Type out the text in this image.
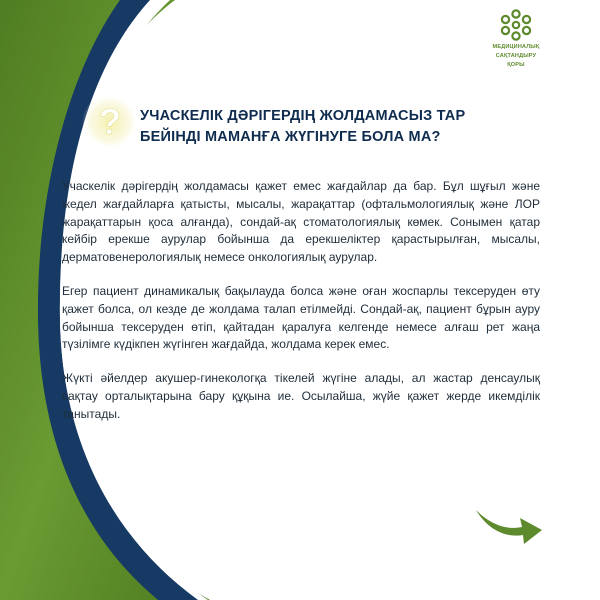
МЕДИЦИНАЛЫҚ
САҚТАНДЫРУ
ҚОРЫ
? УЧАСКЕЛІК ДӘРІГЕРДІҢ ЖОЛДАМАСЫЗ ТАР
БЕЙІНДІ МАМАНҒА ЖҮГІНУГЕ БОЛА МА?

Учаскелік дәрігердің жолдамасы қажет емес жағдайлар да бар. Бұл шұғыл және жедел жағдайларға қатысты, мысалы, жарақаттар (офтальмологиялық және ЛОР жарақаттарын қоса алғанда), сондай-ақ стоматологиялық көмек. Сонымен қатар кейбір ерекше аурулар бойынша да ерекшеліктер қарастырылған, мысалы, дерматовенерологиялық немесе онкологиялық аурулар.

Егер пациент динамикалық бақылауда болса және оған жоспарлы тексеруден өту қажет болса, ол кезде де жолдама талап етілмейді. Сондай-ақ, пациент бұрын ауру бойынша тексеруден өтіп, қайтадан қаралуға келгенде немесе алғаш рет жаңа түзілімге күдікпен жүгінген жағдайда, жолдама керек емес.

Жүкті әйелдер акушер-гинекологқа тікелей жүгіне алады, ал жастар денсаулық сақтау орталықтарына бару құқына ие. Осылайша, жүйе қажет жерде икемділік танытады.
